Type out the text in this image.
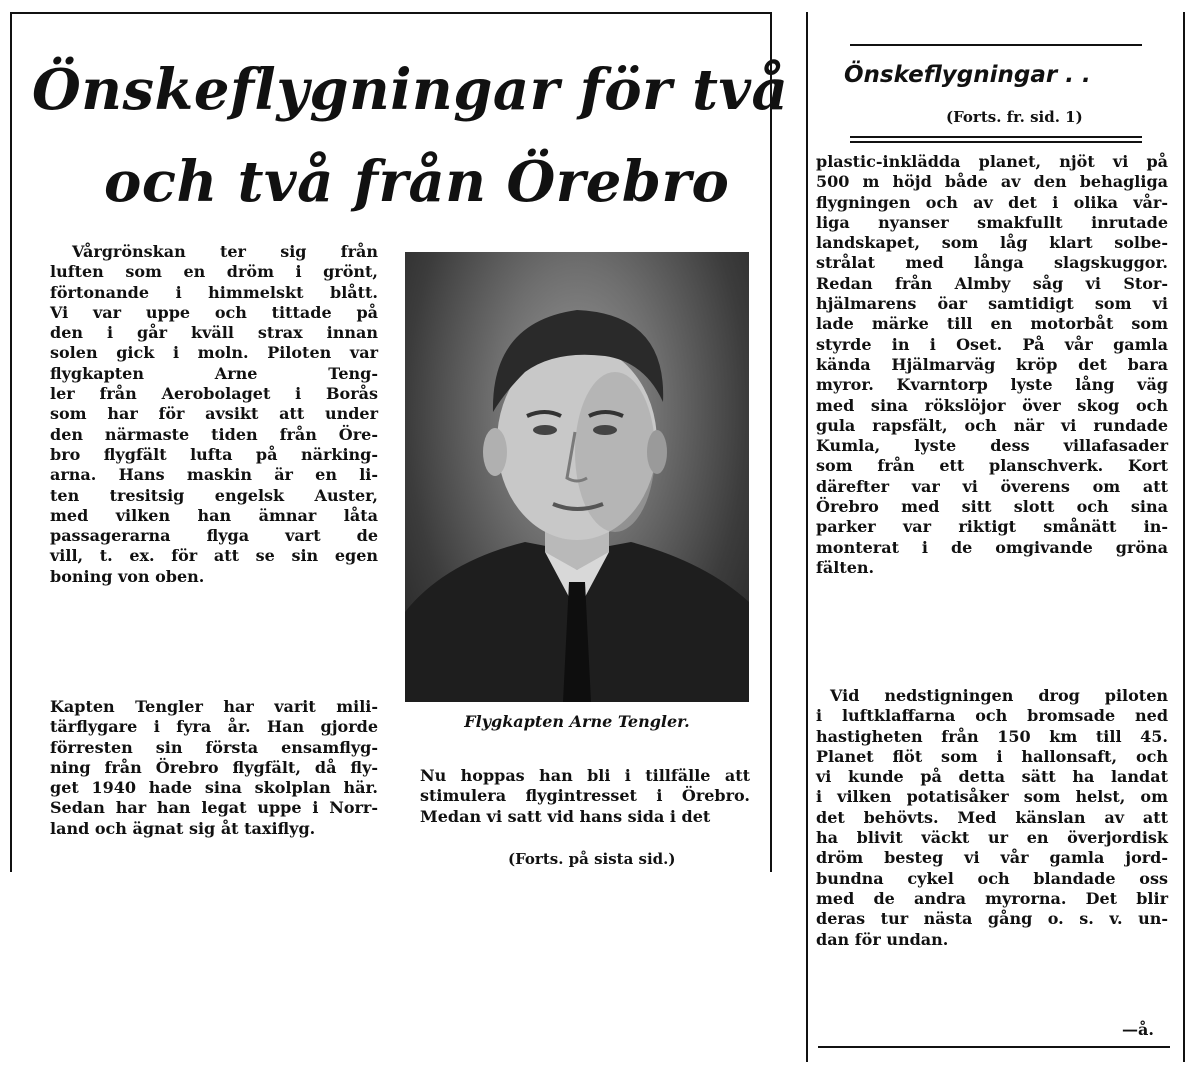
Önskeflygningar för två
och två från Örebro

Vårgrönskan ter sig från
luften som en dröm i grönt,
förtonande i himmelskt blått.
Vi var uppe och tittade på
den i går kväll strax innan
solen gick i moln. Piloten var
flygkapten Arne Teng-
ler från Aerobolaget i Borås
som har för avsikt att under
den närmaste tiden från Öre-
bro flygfält lufta på närking-
arna. Hans maskin är en li-
ten tresitsig engelsk Auster,
med vilken han ämnar låta
passagerarna flyga vart de
vill, t. ex. för att se sin egen
boning von oben.

Kapten Tengler har varit mili-
tärflygare i fyra år. Han gjorde
förresten sin första ensamflyg-
ning från Örebro flygfält, då fly-
get 1940 hade sina skolplan här.
Sedan har han legat uppe i Norr-
land och ägnat sig åt taxiflyg.

Flygkapten Arne Tengler.

Nu hoppas han bli i tillfälle att
stimulera flygintresset i Örebro.
Medan vi satt vid hans sida i det

(Forts. på sista sid.)
Önskeflygningar . .
(Forts. fr. sid. 1)

plastic-inklädda planet, njöt vi på
500 m höjd både av den behagliga
flygningen och av det i olika vår-
liga nyanser smakfullt inrutade
landskapet, som låg klart solbe-
strålat med långa slagskuggor.
Redan från Almby såg vi Stor-
hjälmarens öar samtidigt som vi
lade märke till en motorbåt som
styrde in i Oset. På vår gamla
kända Hjälmarväg kröp det bara
myror. Kvarntorp lyste lång väg
med sina rökslöjor över skog och
gula rapsfält, och när vi rundade
Kumla, lyste dess villafasader
som från ett planschverk. Kort
därefter var vi överens om att
Örebro med sitt slott och sina
parker var riktigt smånätt in-
monterat i de omgivande gröna
fälten.

Vid nedstigningen drog piloten
i luftklaffarna och bromsade ned
hastigheten från 150 km till 45.
Planet flöt som i hallonsaft, och
vi kunde på detta sätt ha landat
i vilken potatisåker som helst, om
det behövts. Med känslan av att
ha blivit väckt ur en överjordisk
dröm besteg vi vår gamla jord-
bundna cykel och blandade oss
med de andra myrorna. Det blir
deras tur nästa gång o. s. v. un-
dan för undan.

—å.
